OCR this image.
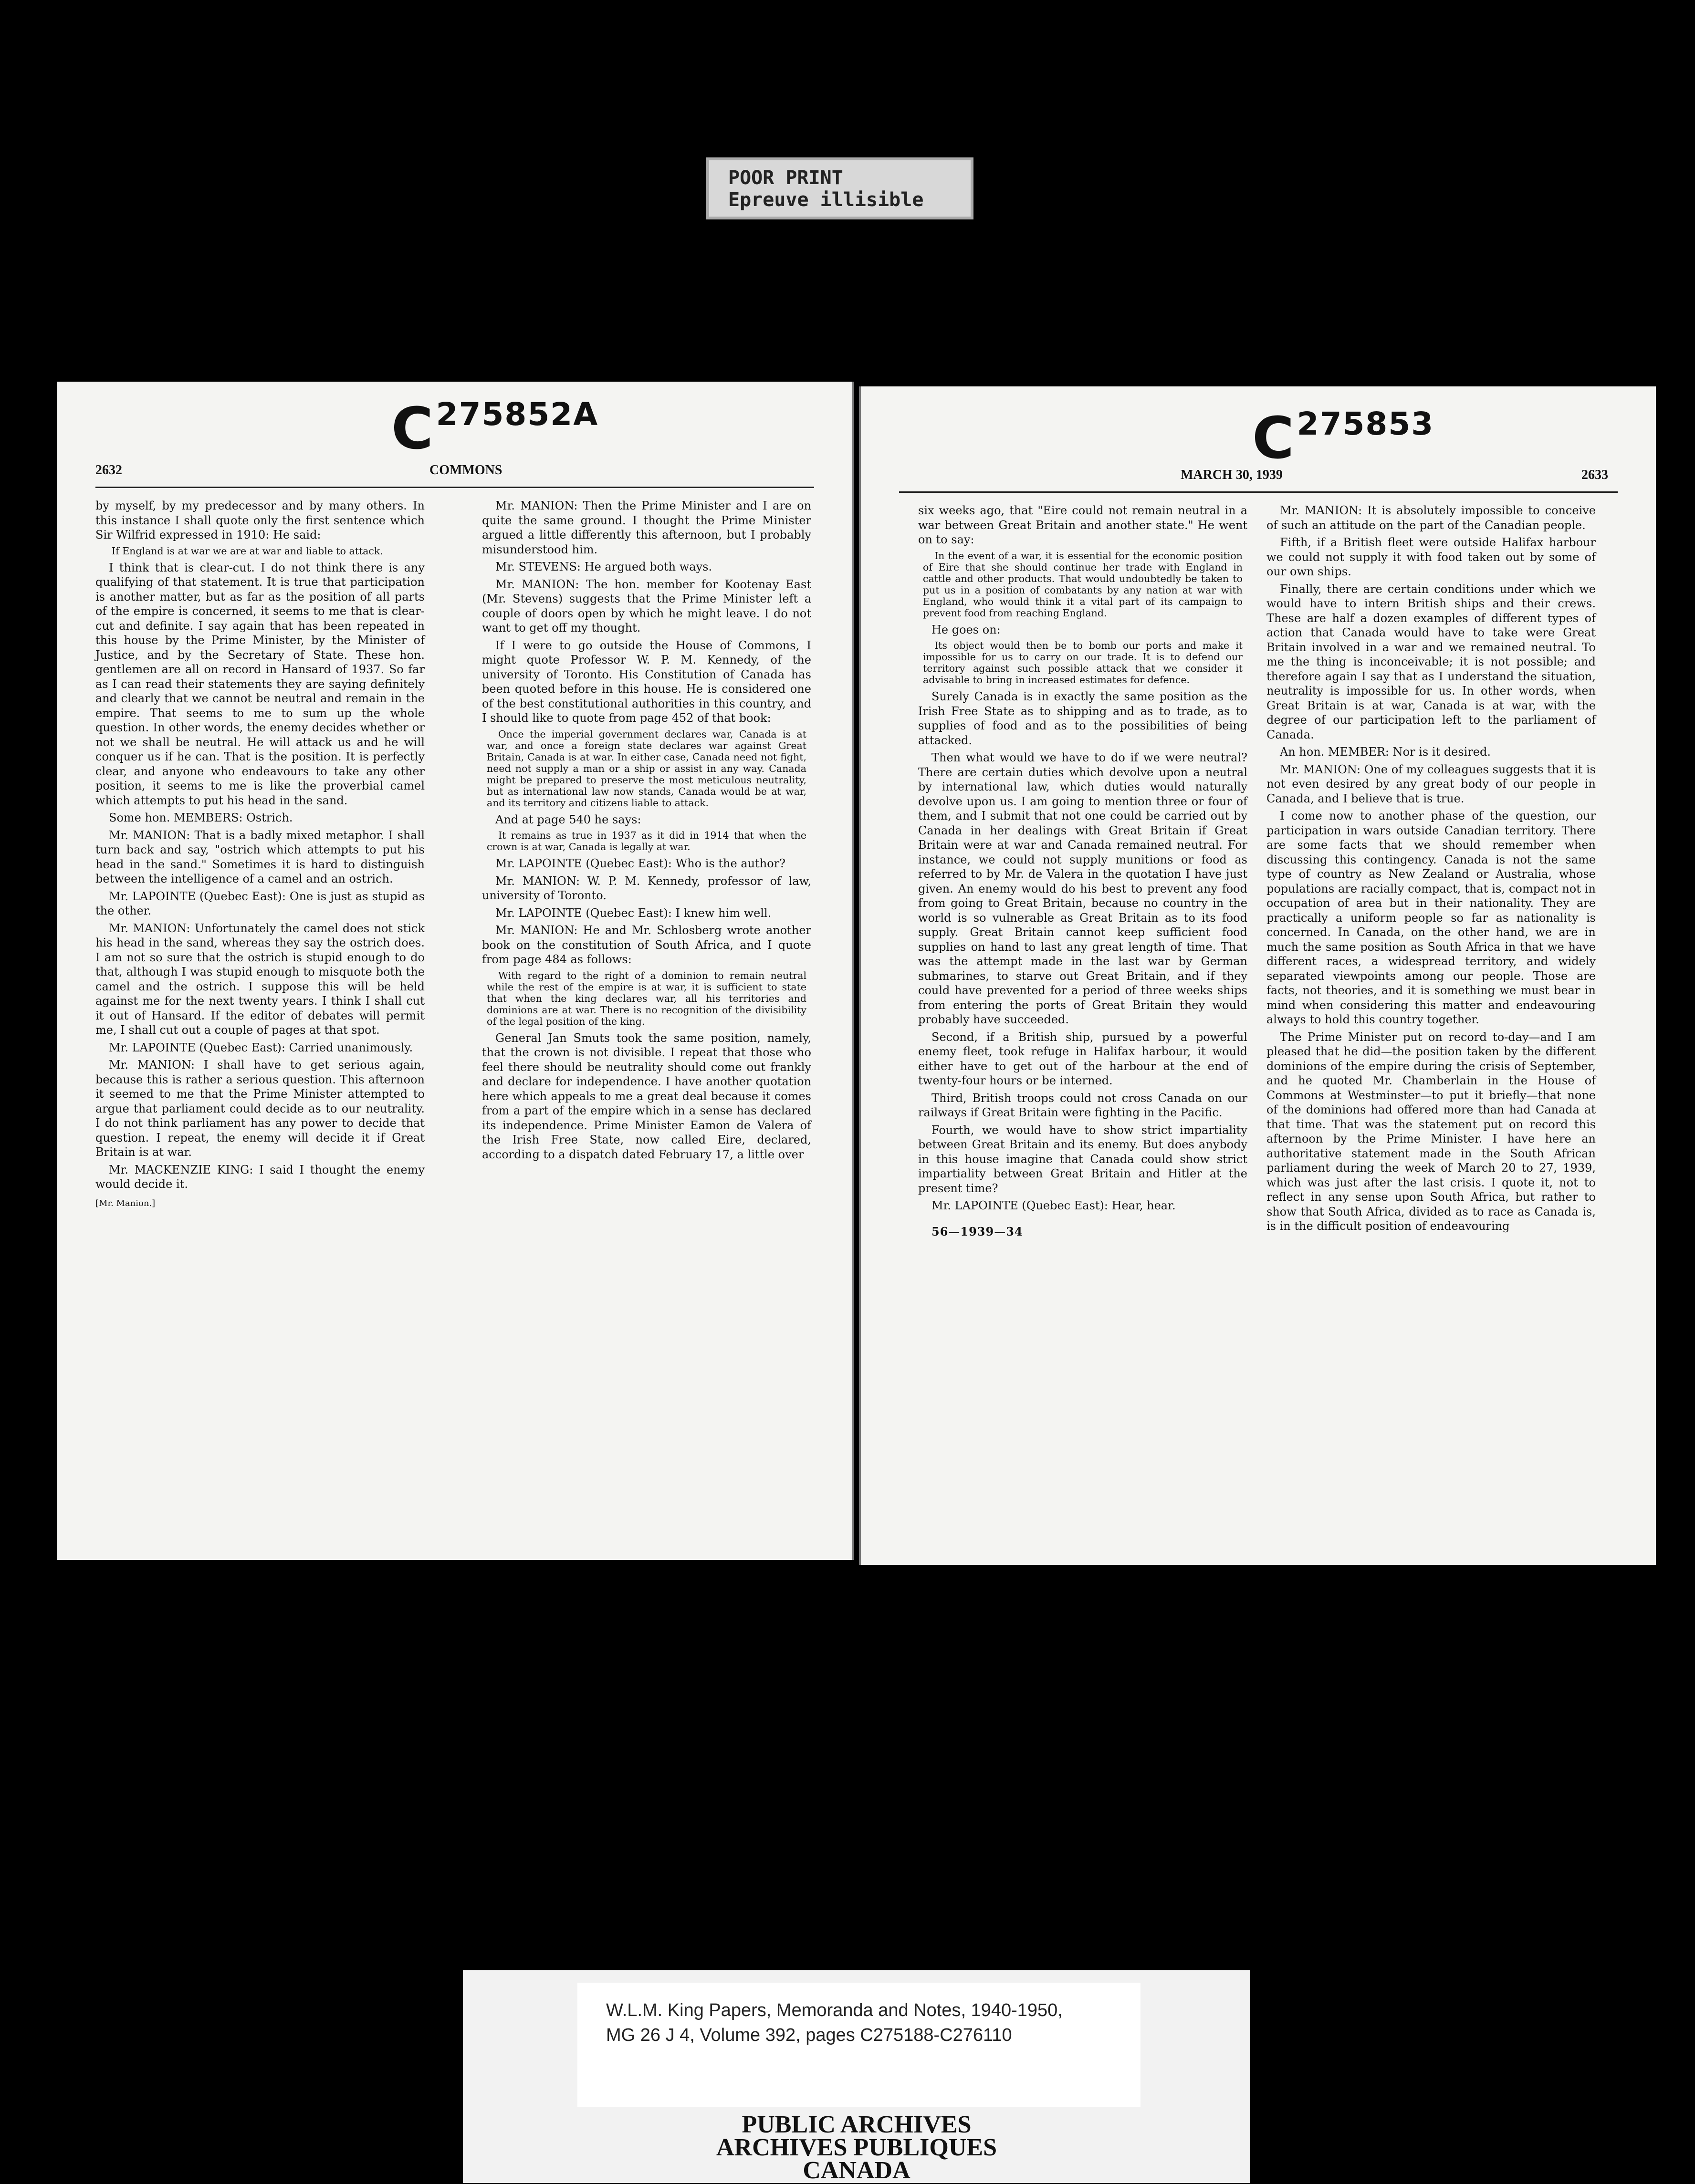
POOR PRINT
Epreuve illisible
C 275852A
2632	COMMONS

by myself, by my predecessor and by many others. In this instance I shall quote only the first sentence which Sir Wilfrid expressed in 1910: He said:

If England is at war we are at war and liable to attack.

I think that is clear-cut. I do not think there is any qualifying of that statement. It is true that participation is another matter, but as far as the position of all parts of the empire is concerned, it seems to me that is clear-cut and definite. I say again that has been repeated in this house by the Prime Minister, by the Minister of Justice, and by the Secretary of State. These hon. gentlemen are all on record in Hansard of 1937. So far as I can read their statements they are saying definitely and clearly that we cannot be neutral and remain in the empire. That seems to me to sum up the whole question. In other words, the enemy decides whether or not we shall be neutral. He will attack us and he will conquer us if he can. That is the position. It is perfectly clear, and anyone who endeavours to take any other position, it seems to me is like the proverbial camel which attempts to put his head in the sand.

Some hon. MEMBERS: Ostrich.

Mr. MANION: That is a badly mixed metaphor. I shall turn back and say, "ostrich which attempts to put his head in the sand." Sometimes it is hard to distinguish between the intelligence of a camel and an ostrich.

Mr. LAPOINTE (Quebec East): One is just as stupid as the other.

Mr. MANION: Unfortunately the camel does not stick his head in the sand, whereas they say the ostrich does. I am not so sure that the ostrich is stupid enough to do that, although I was stupid enough to misquote both the camel and the ostrich. I suppose this will be held against me for the next twenty years. I think I shall cut it out of Hansard. If the editor of debates will permit me, I shall cut out a couple of pages at that spot.

Mr. LAPOINTE (Quebec East): Carried unanimously.

Mr. MANION: I shall have to get serious again, because this is rather a serious question. This afternoon it seemed to me that the Prime Minister attempted to argue that parliament could decide as to our neutrality. I do not think parliament has any power to decide that question. I repeat, the enemy will decide it if Great Britain is at war.

Mr. MACKENZIE KING: I said I thought the enemy would decide it.

[Mr. Manion.]

Mr. MANION: Then the Prime Minister and I are on quite the same ground. I thought the Prime Minister argued a little differently this afternoon, but I probably misunderstood him.

Mr. STEVENS: He argued both ways.

Mr. MANION: The hon. member for Kootenay East (Mr. Stevens) suggests that the Prime Minister left a couple of doors open by which he might leave. I do not want to get off my thought.

If I were to go outside the House of Commons, I might quote Professor W. P. M. Kennedy, of the university of Toronto. His Constitution of Canada has been quoted before in this house. He is considered one of the best constitutional authorities in this country, and I should like to quote from page 452 of that book:

Once the imperial government declares war, Canada is at war, and once a foreign state declares war against Great Britain, Canada is at war. In either case, Canada need not fight, need not supply a man or a ship or assist in any way. Canada might be prepared to preserve the most meticulous neutrality, but as international law now stands, Canada would be at war, and its territory and citizens liable to attack.

And at page 540 he says:

It remains as true in 1937 as it did in 1914 that when the crown is at war, Canada is legally at war.

Mr. LAPOINTE (Quebec East): Who is the author?

Mr. MANION: W. P. M. Kennedy, professor of law, university of Toronto.

Mr. LAPOINTE (Quebec East): I knew him well.

Mr. MANION: He and Mr. Schlosberg wrote another book on the constitution of South Africa, and I quote from page 484 as follows:

With regard to the right of a dominion to remain neutral while the rest of the empire is at war, it is sufficient to state that when the king declares war, all his territories and dominions are at war. There is no recognition of the divisibility of the legal position of the king.

General Jan Smuts took the same position, namely, that the crown is not divisible. I repeat that those who feel there should be neutrality should come out frankly and declare for independence. I have another quotation here which appeals to me a great deal because it comes from a part of the empire which in a sense has declared its independence. Prime Minister Eamon de Valera of the Irish Free State, now called Eire, declared, according to a dispatch dated February 17, a little over

C 275853
MARCH 30, 1939	2633

six weeks ago, that "Eire could not remain neutral in a war between Great Britain and another state." He went on to say:

In the event of a war, it is essential for the economic position of Eire that she should continue her trade with England in cattle and other products. That would undoubtedly be taken to put us in a position of combatants by any nation at war with England, who would think it a vital part of its campaign to prevent food from reaching England.

He goes on:

Its object would then be to bomb our ports and make it impossible for us to carry on our trade. It is to defend our territory against such possible attack that we consider it advisable to bring in increased estimates for defence.

Surely Canada is in exactly the same position as the Irish Free State as to shipping and as to trade, as to supplies of food and as to the possibilities of being attacked.

Then what would we have to do if we were neutral? There are certain duties which devolve upon a neutral by international law, which duties would naturally devolve upon us. I am going to mention three or four of them, and I submit that not one could be carried out by Canada in her dealings with Great Britain if Great Britain were at war and Canada remained neutral. For instance, we could not supply munitions or food as referred to by Mr. de Valera in the quotation I have just given. An enemy would do his best to prevent any food from going to Great Britain, because no country in the world is so vulnerable as Great Britain as to its food supply. Great Britain cannot keep sufficient food supplies on hand to last any great length of time. That was the attempt made in the last war by German submarines, to starve out Great Britain, and if they could have prevented for a period of three weeks ships from entering the ports of Great Britain they would probably have succeeded.

Second, if a British ship, pursued by a powerful enemy fleet, took refuge in Halifax harbour, it would either have to get out of the harbour at the end of twenty-four hours or be interned.

Third, British troops could not cross Canada on our railways if Great Britain were fighting in the Pacific.

Fourth, we would have to show strict impartiality between Great Britain and its enemy. But does anybody in this house imagine that Canada could show strict impartiality between Great Britain and Hitler at the present time?

Mr. LAPOINTE (Quebec East): Hear, hear.

56—1939—34

Mr. MANION: It is absolutely impossible to conceive of such an attitude on the part of the Canadian people.

Fifth, if a British fleet were outside Halifax harbour we could not supply it with food taken out by some of our own ships.

Finally, there are certain conditions under which we would have to intern British ships and their crews. These are half a dozen examples of different types of action that Canada would have to take were Great Britain involved in a war and we remained neutral. To me the thing is inconceivable; it is not possible; and therefore again I say that as I understand the situation, neutrality is impossible for us. In other words, when Great Britain is at war, Canada is at war, with the degree of our participation left to the parliament of Canada.

An hon. MEMBER: Nor is it desired.

Mr. MANION: One of my colleagues suggests that it is not even desired by any great body of our people in Canada, and I believe that is true.

I come now to another phase of the question, our participation in wars outside Canadian territory. There are some facts that we should remember when discussing this contingency. Canada is not the same type of country as New Zealand or Australia, whose populations are racially compact, that is, compact not in occupation of area but in their nationality. They are practically a uniform people so far as nationality is concerned. In Canada, on the other hand, we are in much the same position as South Africa in that we have different races, a widespread territory, and widely separated viewpoints among our people. Those are facts, not theories, and it is something we must bear in mind when considering this matter and endeavouring always to hold this country together.

The Prime Minister put on record to-day—and I am pleased that he did—the position taken by the different dominions of the empire during the crisis of September, and he quoted Mr. Chamberlain in the House of Commons at Westminster—to put it briefly—that none of the dominions had offered more than had Canada at that time. That was the statement put on record this afternoon by the Prime Minister. I have here an authoritative statement made in the South African parliament during the week of March 20 to 27, 1939, which was just after the last crisis. I quote it, not to reflect in any sense upon South Africa, but rather to show that South Africa, divided as to race as Canada is, is in the difficult position of endeavouring

W.L.M. King Papers, Memoranda and Notes, 1940-1950,
MG 26 J 4, Volume 392, pages C275188-C276110
PUBLIC ARCHIVES
ARCHIVES PUBLIQUES
CANADA
